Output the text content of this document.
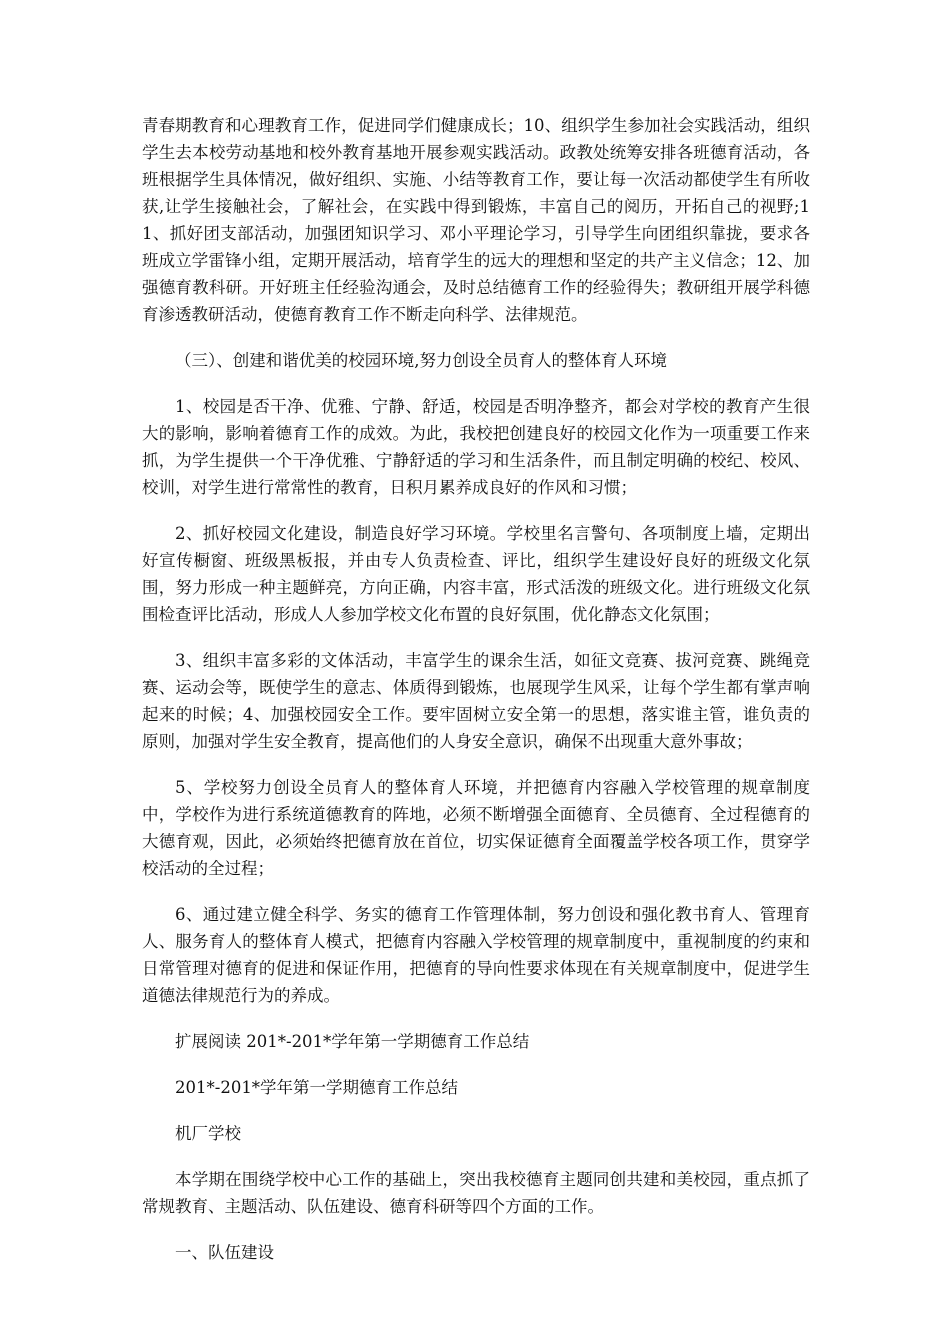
青春期教育和心理教育工作，促进同学们健康成长；10、组织学生参加社会实践活动，组织学生去本校劳动基地和校外教育基地开展参观实践活动。政教处统筹安排各班德育活动，各班根据学生具体情况，做好组织、实施、小结等教育工作，要让每一次活动都使学生有所收获,让学生接触社会，了解社会，在实践中得到锻炼，丰富自己的阅历，开拓自己的视野;11、抓好团支部活动，加强团知识学习、邓小平理论学习，引导学生向团组织靠拢，要求各班成立学雷锋小组，定期开展活动，培育学生的远大的理想和坚定的共产主义信念；12、加强德育教科研。开好班主任经验沟通会，及时总结德育工作的经验得失；教研组开展学科德育渗透教研活动，使德育教育工作不断走向科学、法律规范。

（三）、创建和谐优美的校园环境,努力创设全员育人的整体育人环境

1、校园是否干净、优雅、宁静、舒适，校园是否明净整齐，都会对学校的教育产生很大的影响，影响着德育工作的成效。为此，我校把创建良好的校园文化作为一项重要工作来抓，为学生提供一个干净优雅、宁静舒适的学习和生活条件，而且制定明确的校纪、校风、校训，对学生进行常常性的教育，日积月累养成良好的作风和习惯；

2、抓好校园文化建设，制造良好学习环境。学校里名言警句、各项制度上墙，定期出好宣传橱窗、班级黑板报，并由专人负责检查、评比，组织学生建设好良好的班级文化氛围，努力形成一种主题鲜亮，方向正确，内容丰富，形式活泼的班级文化。进行班级文化氛围检查评比活动，形成人人参加学校文化布置的良好氛围，优化静态文化氛围；

3、组织丰富多彩的文体活动，丰富学生的课余生活，如征文竞赛、拔河竞赛、跳绳竞赛、运动会等，既使学生的意志、体质得到锻炼，也展现学生风采，让每个学生都有掌声响起来的时候；4、加强校园安全工作。要牢固树立安全第一的思想，落实谁主管，谁负责的原则，加强对学生安全教育，提高他们的人身安全意识，确保不出现重大意外事故；

5、学校努力创设全员育人的整体育人环境，并把德育内容融入学校管理的规章制度中，学校作为进行系统道德教育的阵地，必须不断增强全面德育、全员德育、全过程德育的大德育观，因此，必须始终把德育放在首位，切实保证德育全面覆盖学校各项工作，贯穿学校活动的全过程；

6、通过建立健全科学、务实的德育工作管理体制，努力创设和强化教书育人、管理育人、服务育人的整体育人模式，把德育内容融入学校管理的规章制度中，重视制度的约束和日常管理对德育的促进和保证作用，把德育的导向性要求体现在有关规章制度中，促进学生道德法律规范行为的养成。

扩展阅读 201*-201*学年第一学期德育工作总结

201*-201*学年第一学期德育工作总结

机厂学校

本学期在围绕学校中心工作的基础上，突出我校德育主题同创共建和美校园，重点抓了常规教育、主题活动、队伍建设、德育科研等四个方面的工作。

一、队伍建设
